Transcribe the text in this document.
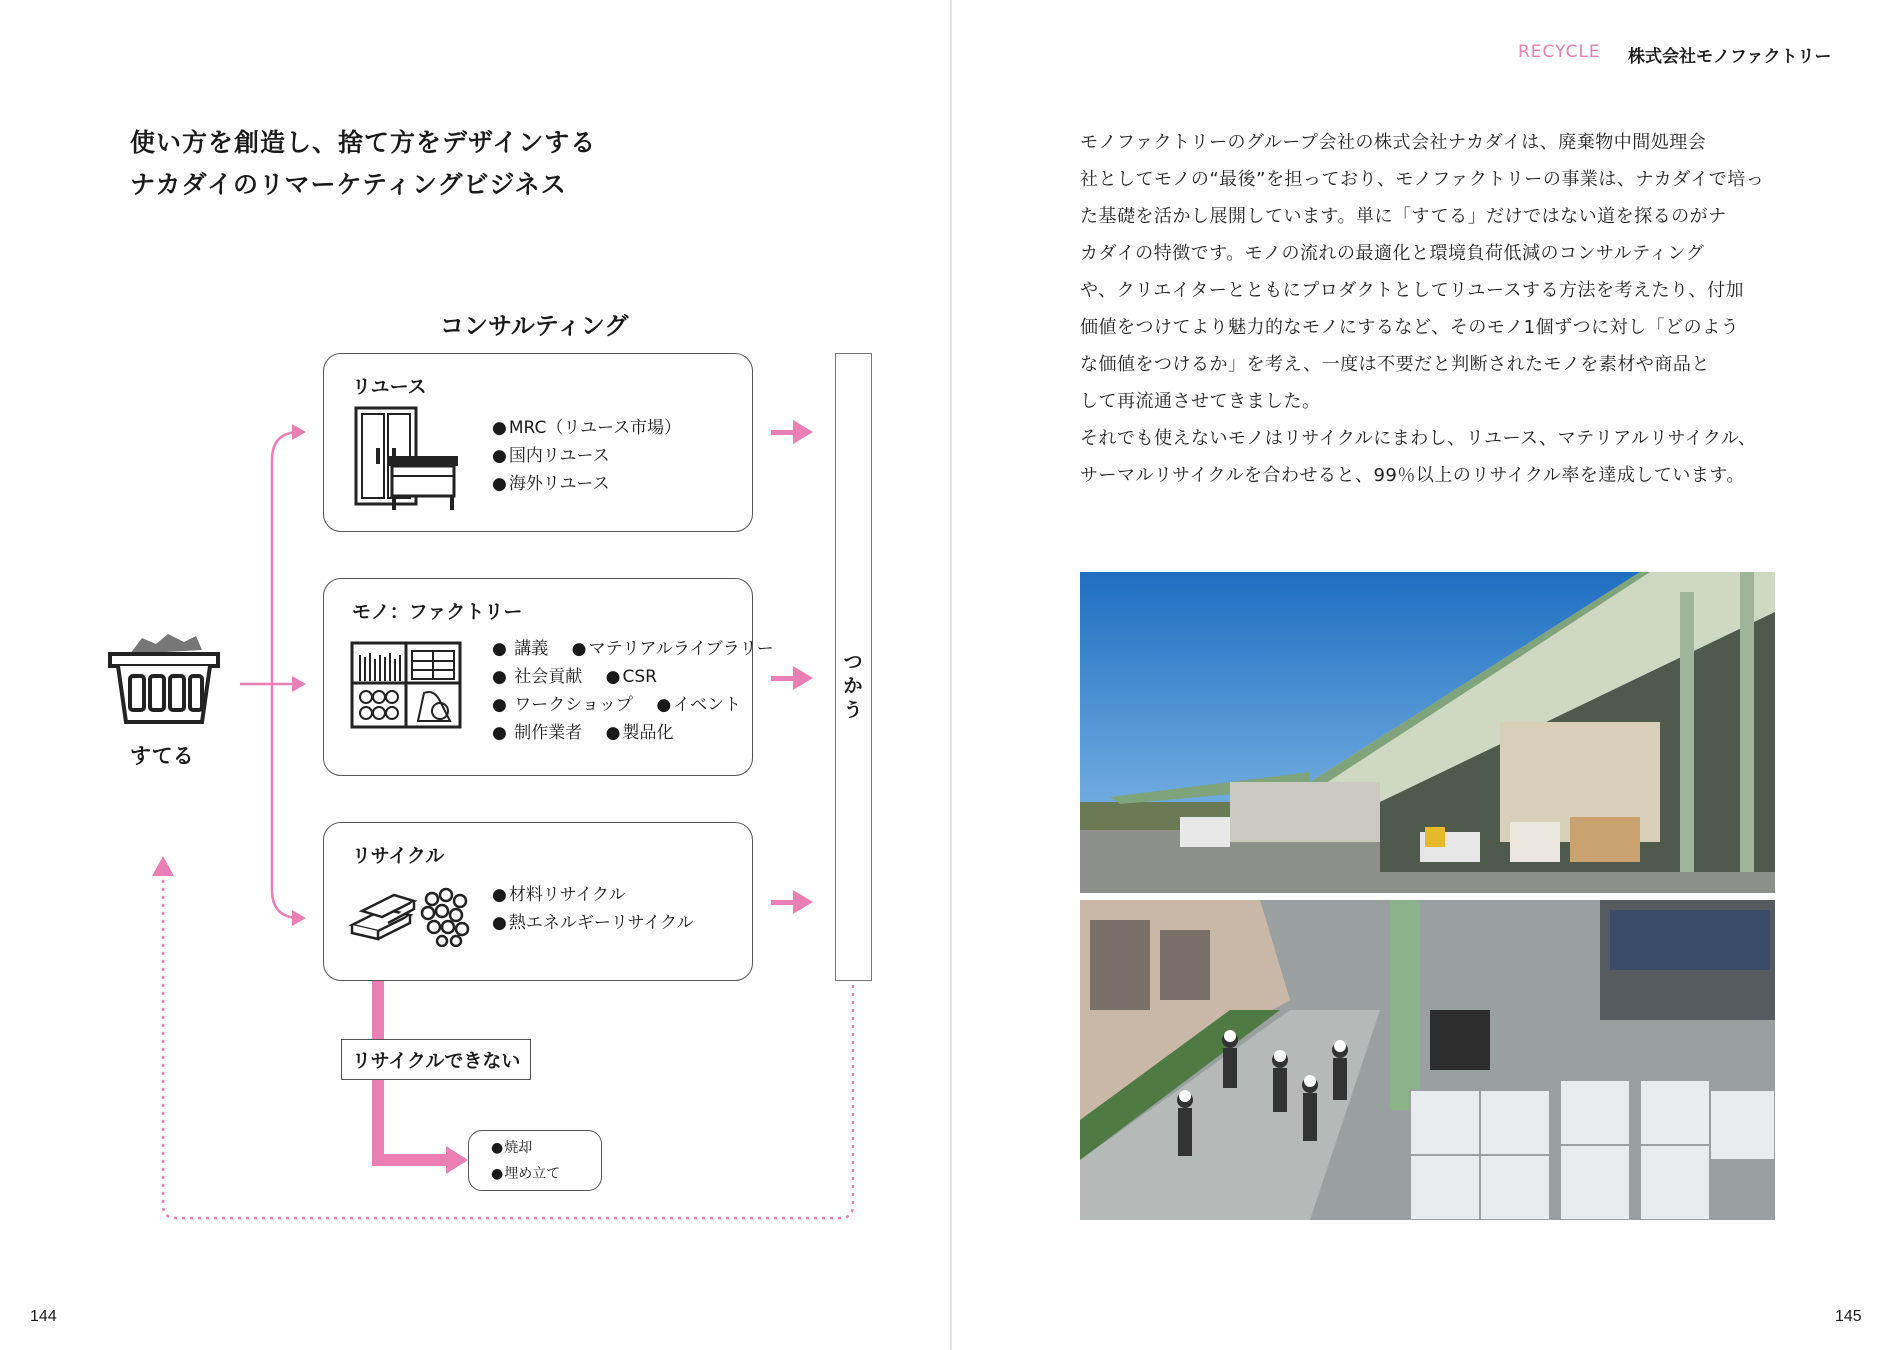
使い方を創造し、捨て方をデザインする
ナカダイのリマーケティングビジネス
コンサルティング
すてる
リユース
● MRC（リユース市場）
● 国内リユース
● 海外リユース
モノ：ファクトリー
● 講義 ● マテリアルライブラリー
● 社会貢献 ● CSR
● ワークショップ ● イベント
● 制作業者 ● 製品化
リサイクル
● 材料リサイクル
● 熱エネルギーリサイクル
つかう
リサイクルできない
● 焼却
● 埋め立て
144
RECYCLE 株式会社モノファクトリー

モノファクトリーのグループ会社の株式会社ナカダイは、廃棄物中間処理会

社としてモノの“最後”を担っており、モノファクトリーの事業は、ナカダイで培っ

た基礎を活かし展開しています。単に「すてる」だけではない道を探るのがナ

カダイの特徴です。モノの流れの最適化と環境負荷低減のコンサルティング

や、クリエイターとともにプロダクトとしてリユースする方法を考えたり、付加

価値をつけてより魅力的なモノにするなど、そのモノ1個ずつに対し「どのよう

な価値をつけるか」を考え、一度は不要だと判断されたモノを素材や商品と

して再流通させてきました。

それでも使えないモノはリサイクルにまわし、リユース、マテリアルリサイクル、

サーマルリサイクルを合わせると、99％以上のリサイクル率を達成しています。

145
